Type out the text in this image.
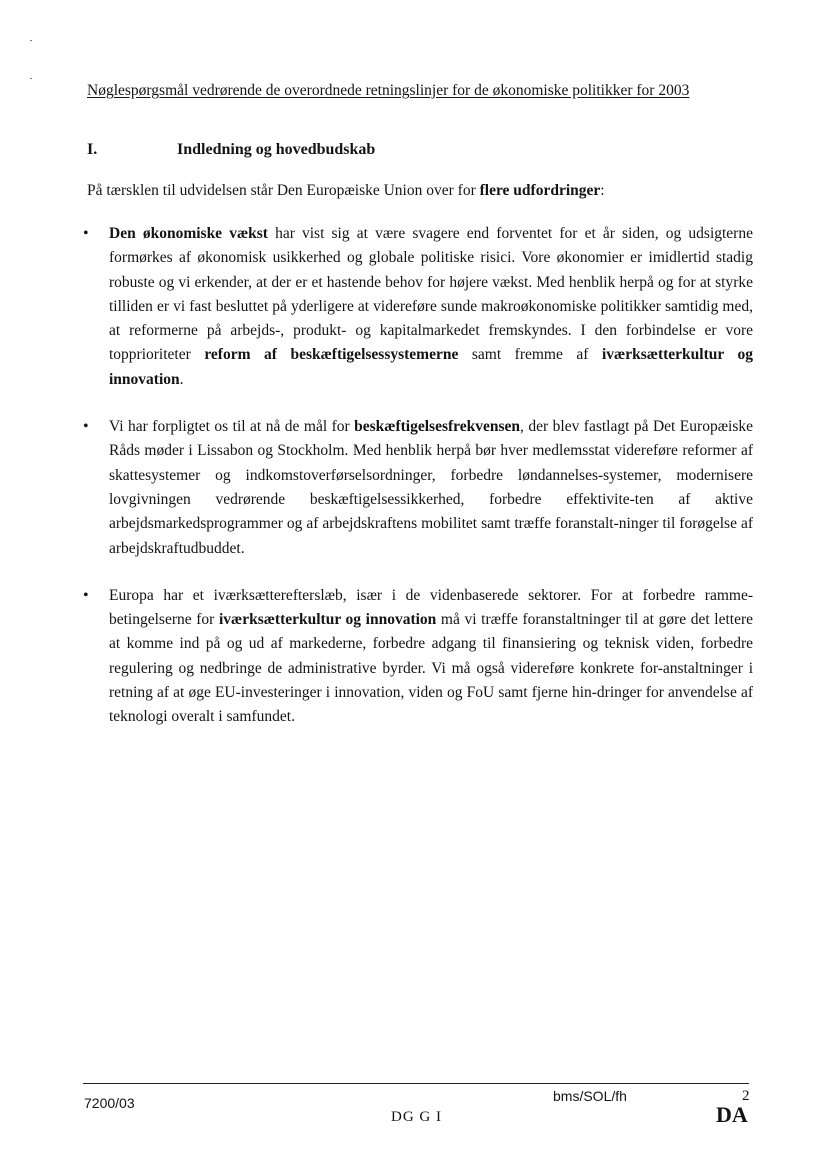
Nøglespørgsmål vedrørende de overordnede retningslinjer for de økonomiske politikker for 2003
I.	Indledning og hovedbudskab
På tærsklen til udvidelsen står Den Europæiske Union over for flere udfordringer:
• Den økonomiske vækst har vist sig at være svagere end forventet for et år siden, og udsigterne formørkes af økonomisk usikkerhed og globale politiske risici. Vore økonomier er imidlertid stadig robuste og vi erkender, at der er et hastende behov for højere vækst. Med henblik herpå og for at styrke tilliden er vi fast besluttet på yderligere at videreføre sunde makroøkonomiske politikker samtidig med, at reformerne på arbejds-, produkt- og kapitalmarkedet fremskyndes. I den forbindelse er vore topprioriteter reform af beskæftigelsessystemerne samt fremme af iværksætterkultur og innovation.
• Vi har forpligtet os til at nå de mål for beskæftigelsesfrekvensen, der blev fastlagt på Det Europæiske Råds møder i Lissabon og Stockholm. Med henblik herpå bør hver medlemsstat videreføre reformer af skattesystemer og indkomstoverførselsordninger, forbedre løndannelses-systemer, modernisere lovgivningen vedrørende beskæftigelsessikkerhed, forbedre effektivite-ten af aktive arbejdsmarkedsprogrammer og af arbejdskraftens mobilitet samt træffe foranstalt-ninger til forøgelse af arbejdskraftudbuddet.
• Europa har et iværksætterefterslæb, især i de videnbaserede sektorer. For at forbedre ramme-betingelserne for iværksætterkultur og innovation må vi træffe foranstaltninger til at gøre det lettere at komme ind på og ud af markederne, forbedre adgang til finansiering og teknisk viden, forbedre regulering og nedbringe de administrative byrder. Vi må også videreføre konkrete for-anstaltninger i retning af at øge EU-investeringer i innovation, viden og FoU samt fjerne hin-dringer for anvendelse af teknologi overalt i samfundet.
7200/03	bms/SOL/fh	2
DG G I	DA
